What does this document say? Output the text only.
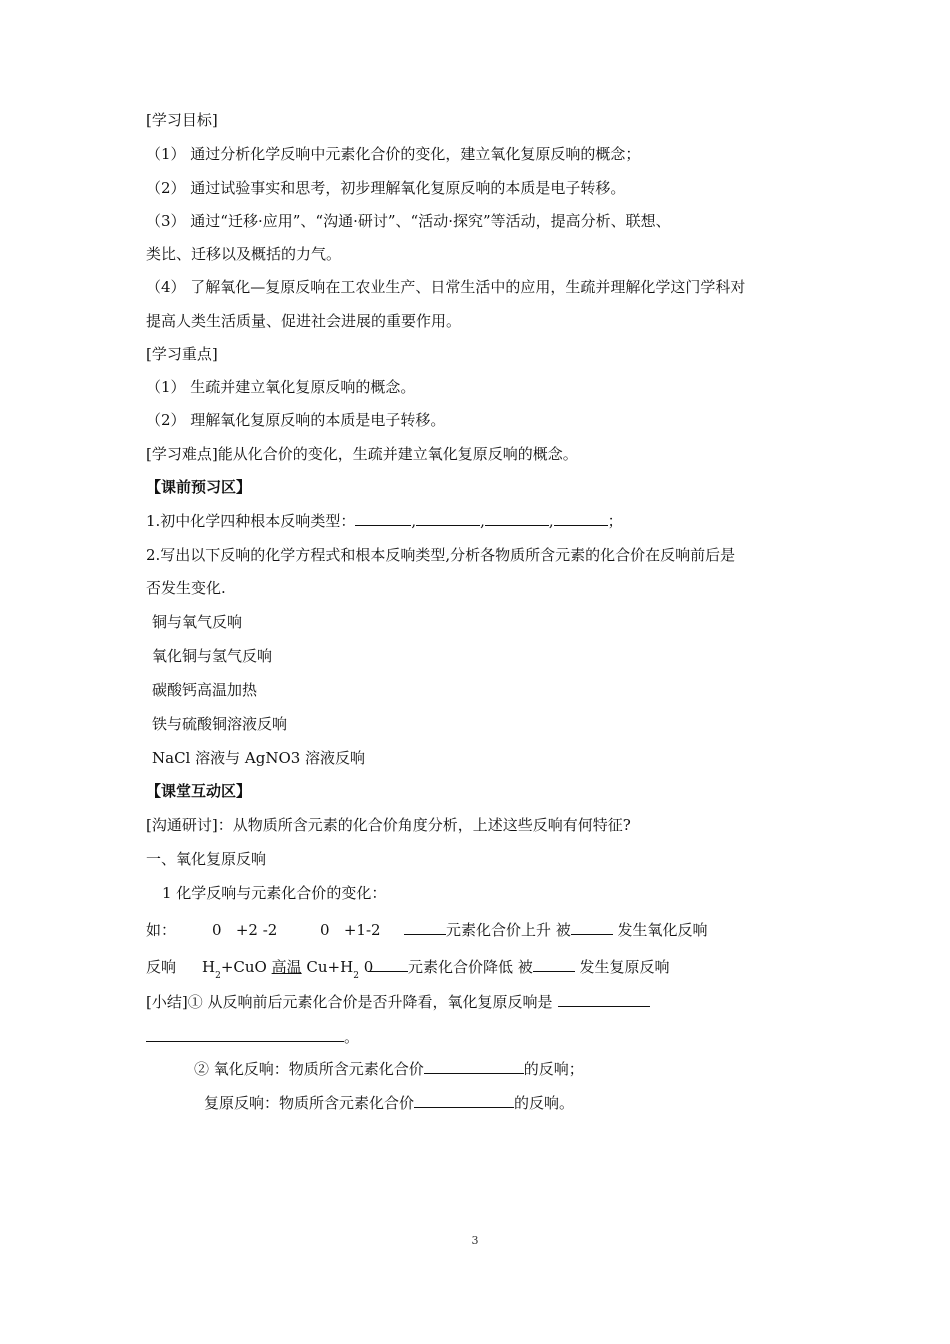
[学习目标]
（1） 通过分析化学反响中元素化合价的变化，建立氧化复原反响的概念；
（2） 通过试验事实和思考，初步理解氧化复原反响的本质是电子转移。
（3） 通过“迁移·应用”、“沟通·研讨”、“活动·探究”等活动，提高分析、联想、
类比、迁移以及概括的力气。
（4） 了解氧化—复原反响在工农业生产、日常生活中的应用，生疏并理解化学这门学科对
提高人类生活质量、促进社会进展的重要作用。
[学习重点]
（1） 生疏并建立氧化复原反响的概念。
（2） 理解氧化复原反响的本质是电子转移。
[学习难点]能从化合价的变化，生疏并建立氧化复原反响的概念。
【课前预习区】
1.初中化学四种根本反响类型：	,	,	,	；
2.写出以下反响的化学方程式和根本反响类型,分析各物质所含元素的化合价在反响前后是
否发生变化.
铜与氧气反响
氧化铜与氢气反响
碳酸钙高温加热
铁与硫酸铜溶液反响
NaCl 溶液与 AgNO3 溶液反响
【课堂互动区】
[沟通研讨]：从物质所含元素的化合价角度分析，上述这些反响有何特征?
一、氧化复原反响
1 化学反响与元素化合价的变化：
如： 0   +2 -2	0   +1-2	元素化合价上升 被	发生氧化反响
反响 $H_2+CuO$ 高温 $Cu+H_2$ 0	元素化合价降低 被	发生复原反响
[小结]① 从反响前后元素化合价是否升降看，氧化复原反响是
。
② 氧化反响：物质所含元素化合价	的反响；
复原反响：物质所含元素化合价	的反响。
3
